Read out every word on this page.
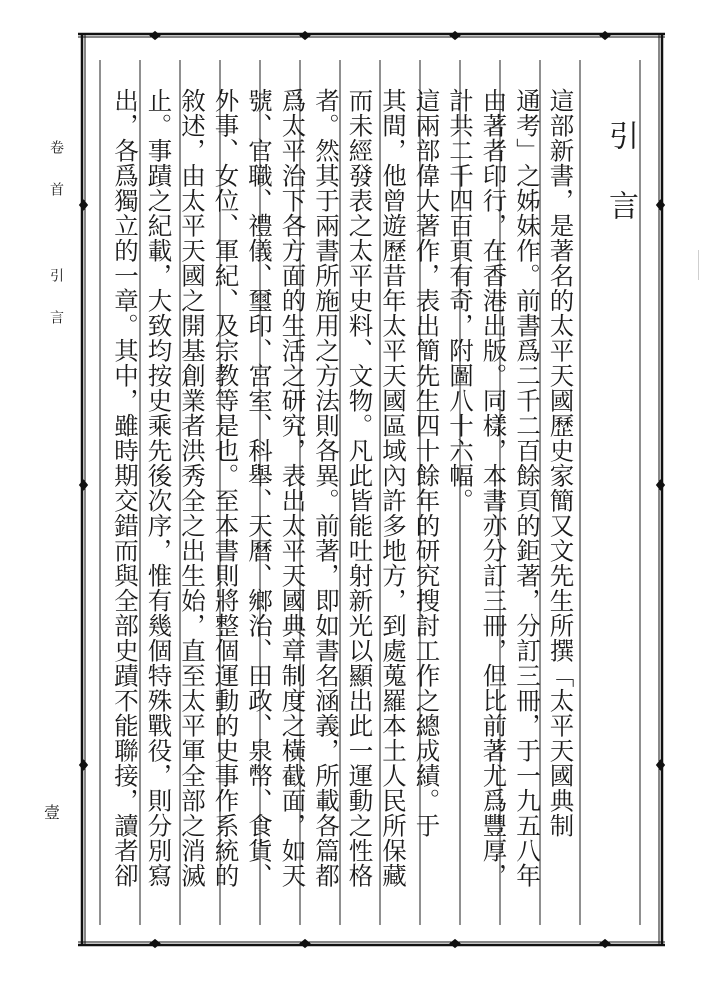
卷首 引言
壹
引言
這部新書，是著名的太平天國歷史家簡又文先生所撰「太平天國典制
通考」之姊妹作。前書爲二千二百餘頁的鉅著，分訂三冊，于一九五八年
由著者印行，在香港出版。同樣，本書亦分訂三冊，但比前著尤爲豐厚，
計共二千四百頁有奇，附圖八十六幅。
這兩部偉大著作，表出簡先生四十餘年的研究搜討工作之總成績。于
其間，他曾遊歷昔年太平天國區域內許多地方，到處蒐羅本土人民所保藏
而未經發表之太平史料、文物。凡此皆能吐射新光以顯出此一運動之性格
者。然其于兩書所施用之方法則各異。前著，即如書名涵義，所載各篇都
爲太平治下各方面的生活之研究，表出太平天國典章制度之橫截面，如天
號、官職、禮儀、璽印、宮室、科舉、天曆、鄉治、田政、泉幣、食貨、
外事、女位、軍紀、及宗教等是也。至本書則將整個運動的史事作系統的
敘述，由太平天國之開基創業者洪秀全之出生始，直至太平軍全部之消滅
止。事蹟之紀載，大致均按史乘先後次序，惟有幾個特殊戰役，則分別寫
出，各爲獨立的一章。其中，雖時期交錯而與全部史蹟不能聯接，讀者卻
